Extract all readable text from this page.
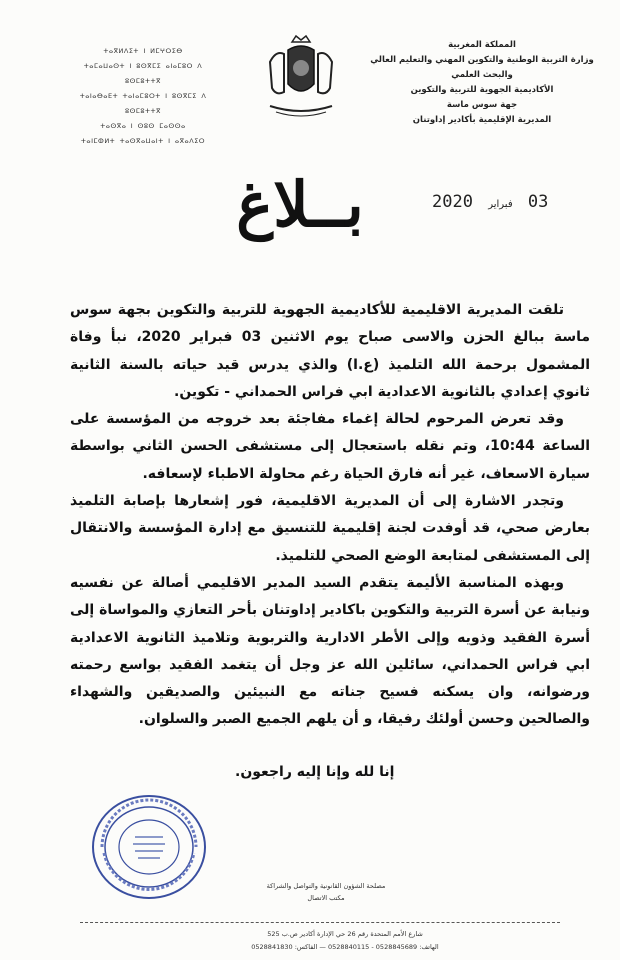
المملكة المغربية
وزارة التربية الوطنية والتكوين المهني والتعليم العالي والبحث العلمي
الأكاديمية الجهوية للتربية والتكوين
جهة سوس ماسة
المديرية الإقليمية بأكادير إداوتنان
ⵜⴰⴳⵍⴷⵉⵜ ⵏ ⵍⵎⵖⵔⵉⴱ
ⵜⴰⵎⴰⵡⴰⵙⵜ ⵏ ⵓⵙⴳⵎⵉ ⴰⵏⴰⵎⵓⵔ ⴷ ⵓⵙⵎⵓⵜⵜⴳ
ⵜⴰⵏⴰⴱⴰⴹⵜ ⵜⴰⵏⴰⵎⵓⵔⵜ ⵏ ⵓⵙⴳⵎⵉ ⴷ ⵓⵙⵎⵓⵜⵜⴳ
ⵜⴰⵙⴳⴰ ⵏ ⵙⵓⵙ ⵎⴰⵙⵙⴰ
ⵜⴰⵏⵎⵀⵍⵜ ⵜⴰⵙⴳⴰⵡⴰⵏⵜ ⵏ ⴰⴳⴰⴷⵉⵔ
بــلاغ	03 فبراير 2020

تلقت المديرية الاقليمية للأكاديمية الجهوية للتربية والتكوين بجهة سوس ماسة ببالغ الحزن والاسى صباح يوم الاثنين 03 فبراير 2020، نبأ وفاة المشمول برحمة الله التلميذ (ع.ا) والذي يدرس قيد حياته بالسنة الثانية ثانوي إعدادي بالثانوية الاعدادية ابي فراس الحمداني - تكوين.

وقد تعرض المرحوم لحالة إغماء مفاجئة بعد خروجه من المؤسسة على الساعة 10:44، وتم نقله باستعجال إلى مستشفى الحسن الثاني بواسطة سيارة الاسعاف، غير أنه فارق الحياة رغم محاولة الاطباء لإسعافه.

وتجدر الاشارة إلى أن المديرية الاقليمية، فور إشعارها بإصابة التلميذ بعارض صحي، قد أوفدت لجنة إقليمية للتنسيق مع إدارة المؤسسة والانتقال إلى المستشفى لمتابعة الوضع الصحي للتلميذ.

وبهذه المناسبة الأليمة يتقدم السيد المدير الاقليمي أصالة عن نفسيه ونيابة عن أسرة التربية والتكوين باكادير إداوتنان بأحر التعازي والمواساة إلى أسرة الفقيد وذويه وإلى الأطر الادارية والتربوية وتلاميذ الثانوية الاعدادية ابي فراس الحمداني، سائلين الله عز وجل أن يتغمد الفقيد بواسع رحمته ورضوانه، وان يسكنه فسيح جناته مع النبيئين والصديقين والشهداء والصالحين وحسن أولئك رفيقا، و أن يلهم الجميع الصبر والسلوان.

إنا لله وإنا إليه راجعون.
مصلحة الشؤون القانونية والتواصل والشراكة
مكتب الاتصال
شارع الأمم المتحدة رقم 26 حي الإدارة أكادير ص.ب 525
الهاتف: 0528845689 - 0528840115 — الفاكس: 0528841830
